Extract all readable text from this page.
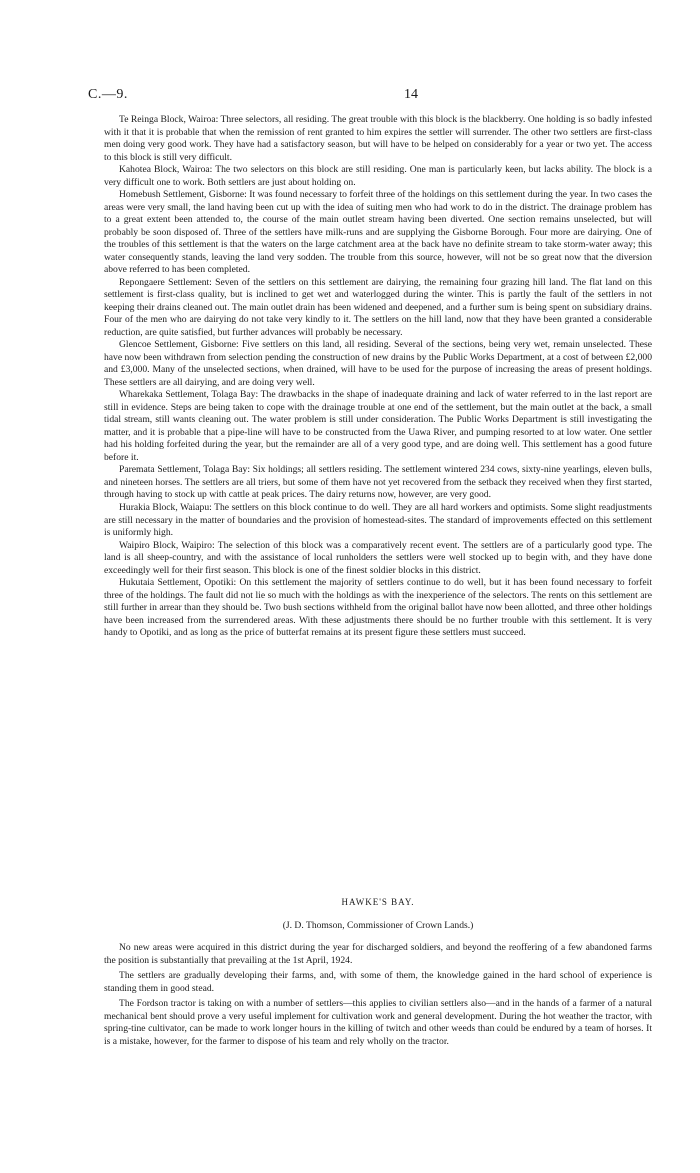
C.—9.	14

Te Reinga Block, Wairoa: Three selectors, all residing. The great trouble with this block is the blackberry. One holding is so badly infested with it that it is probable that when the remission of rent granted to him expires the settler will surrender. The other two settlers are first-class men doing very good work. They have had a satisfactory season, but will have to be helped on considerably for a year or two yet. The access to this block is still very difficult.

Kahotea Block, Wairoa: The two selectors on this block are still residing. One man is particularly keen, but lacks ability. The block is a very difficult one to work. Both settlers are just about holding on.

Homebush Settlement, Gisborne: It was found necessary to forfeit three of the holdings on this settlement during the year. In two cases the areas were very small, the land having been cut up with the idea of suiting men who had work to do in the district. The drainage problem has to a great extent been attended to, the course of the main outlet stream having been diverted. One section remains unselected, but will probably be soon disposed of. Three of the settlers have milk-runs and are supplying the Gisborne Borough. Four more are dairying. One of the troubles of this settlement is that the waters on the large catchment area at the back have no definite stream to take storm-water away; this water consequently stands, leaving the land very sodden. The trouble from this source, however, will not be so great now that the diversion above referred to has been completed.

Repongaere Settlement: Seven of the settlers on this settlement are dairying, the remaining four grazing hill land. The flat land on this settlement is first-class quality, but is inclined to get wet and waterlogged during the winter. This is partly the fault of the settlers in not keeping their drains cleaned out. The main outlet drain has been widened and deepened, and a further sum is being spent on subsidiary drains. Four of the men who are dairying do not take very kindly to it. The settlers on the hill land, now that they have been granted a considerable reduction, are quite satisfied, but further advances will probably be necessary.

Glencoe Settlement, Gisborne: Five settlers on this land, all residing. Several of the sections, being very wet, remain unselected. These have now been withdrawn from selection pending the construction of new drains by the Public Works Department, at a cost of between £2,000 and £3,000. Many of the unselected sections, when drained, will have to be used for the purpose of increasing the areas of present holdings. These settlers are all dairying, and are doing very well.

Wharekaka Settlement, Tolaga Bay: The drawbacks in the shape of inadequate draining and lack of water referred to in the last report are still in evidence. Steps are being taken to cope with the drainage trouble at one end of the settlement, but the main outlet at the back, a small tidal stream, still wants cleaning out. The water problem is still under consideration. The Public Works Department is still investigating the matter, and it is probable that a pipe-line will have to be constructed from the Uawa River, and pumping resorted to at low water. One settler had his holding forfeited during the year, but the remainder are all of a very good type, and are doing well. This settlement has a good future before it.

Paremata Settlement, Tolaga Bay: Six holdings; all settlers residing. The settlement wintered 234 cows, sixty-nine yearlings, eleven bulls, and nineteen horses. The settlers are all triers, but some of them have not yet recovered from the setback they received when they first started, through having to stock up with cattle at peak prices. The dairy returns now, however, are very good.

Hurakia Block, Waiapu: The settlers on this block continue to do well. They are all hard workers and optimists. Some slight readjustments are still necessary in the matter of boundaries and the provision of homestead-sites. The standard of improvements effected on this settlement is uniformly high.

Waipiro Block, Waipiro: The selection of this block was a comparatively recent event. The settlers are of a particularly good type. The land is all sheep-country, and with the assistance of local runholders the settlers were well stocked up to begin with, and they have done exceedingly well for their first season. This block is one of the finest soldier blocks in this district.

Hukutaia Settlement, Opotiki: On this settlement the majority of settlers continue to do well, but it has been found necessary to forfeit three of the holdings. The fault did not lie so much with the holdings as with the inexperience of the selectors. The rents on this settlement are still further in arrear than they should be. Two bush sections withheld from the original ballot have now been allotted, and three other holdings have been increased from the surrendered areas. With these adjustments there should be no further trouble with this settlement. It is very handy to Opotiki, and as long as the price of butterfat remains at its present figure these settlers must succeed.

HAWKE'S BAY.
(J. D. Thomson, Commissioner of Crown Lands.)

No new areas were acquired in this district during the year for discharged soldiers, and beyond the reoffering of a few abandoned farms the position is substantially that prevailing at the 1st April, 1924.

The settlers are gradually developing their farms, and, with some of them, the knowledge gained in the hard school of experience is standing them in good stead.

The Fordson tractor is taking on with a number of settlers—this applies to civilian settlers also—and in the hands of a farmer of a natural mechanical bent should prove a very useful implement for cultivation work and general development. During the hot weather the tractor, with spring-tine cultivator, can be made to work longer hours in the killing of twitch and other weeds than could be endured by a team of horses. It is a mistake, however, for the farmer to dispose of his team and rely wholly on the tractor.
